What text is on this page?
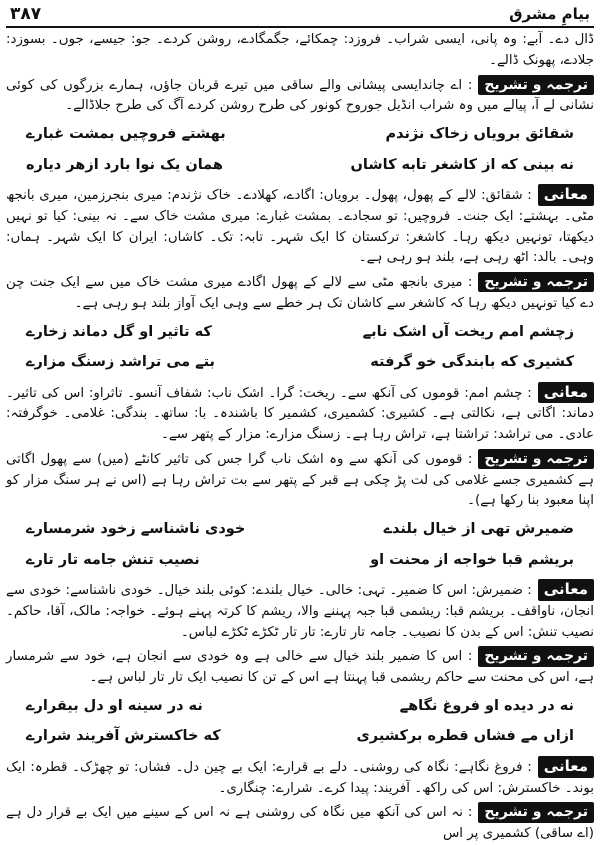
۳۸۷	بیامِ مشرق

ڈال دے۔ آبے: وہ پانی، ایسی شراب۔ فروزد: چمکائے، جگمگادے، روشن کردے۔ جو: جیسے، جوں۔ بسوزد: جلادے، پھونک ڈالے۔

ترجمہ و تشریح: اے چاندایسی پیشانی والے ساقی میں تیرے قربان جاؤں، ہمارے بزرگوں کی کوئی نشانی لے آ، پیالے میں وہ شراب انڈیل جوروح کونور کی طرح روشن کردے آگ کی طرح جلاڈالے۔

شقائق بروياں زخاک نژندم
بهشتے فروچيں بمشت غبارے
نه بينی که از کاشغر تابه کاشاں
همان يک نوا بارد ازهر دياره

معانی: شقائق: لالے کے پھول، پھول۔ برویاں: اگادے، کھلادے۔ خاک نژندم: میری بنجرزمین، میری بانجھ مٹی۔ بہشتے: ایک جنت۔ فروچیں: تو سجادے۔ بمشت غبارے: میری مشت خاک سے۔ نہ بینی: کیا تو نہیں دیکھتا، تونہیں دیکھ رہا۔ کاشغر: ترکستان کا ایک شہر۔ تابہ: تک۔ کاشاں: ایران کا ایک شہر۔ ہماں: وہی۔ بالد: اٹھ رہی ہے، بلند ہو رہی ہے۔

ترجمہ و تشریح: میری بانجھ مٹی سے لالے کے پھول اگادے میری مشت خاک میں سے ایک جنت چن دے کیا تونہیں دیکھ رہا کہ کاشغر سے کاشان تک ہر خطے سے وہی ایک آواز بلند ہو رہی ہے۔

زچشم امم ريخت آں اشک نابے
که تاثير او گل دماند زخارے
کشيری که بابندگی خو گرفته
بتے می تراشد زسنگ مزارے

معانی: چشم امم: قوموں کی آنکھ سے۔ ریخت: گرا۔ اشک ناب: شفاف آنسو۔ تاثراو: اس کی تاثیر۔ دماند: اگاتی ہے، نکالتی ہے۔ کشیری: کشمیری، کشمیر کا باشندہ۔ با: ساتھ۔ بندگی: غلامی۔ خوگرفتہ: عادی۔ می تراشد: تراشتا ہے، تراش رہا ہے۔ زسنگ مزارے: مزار کے پتھر سے۔

ترجمہ و تشریح: قوموں کی آنکھ سے وہ اشک ناب گرا جس کی تاثیر کانٹے (میں) سے پھول اگاتی ہے کشمیری جسے غلامی کی لت پڑ چکی ہے قبر کے پتھر سے بت تراش رہا ہے (اس نے ہر سنگ مزار کو اپنا معبود بنا رکھا ہے)۔

ضميرش تهی از خيال بلندے
خودی ناشناسے زخود شرمسارے
بريشم قبا خواجه از محنت او
نصيب تنش جامه تار تارے

معانی: ضمیرش: اس کا ضمیر۔ تہی: خالی۔ خیال بلندے: کوئی بلند خیال۔ خودی ناشناسے: خودی سے انجان، ناواقف۔ بریشم قبا: ریشمی قبا جبہ پہننے والا، ریشم کا کرتہ پہنے ہوئے۔ خواجہ: مالک، آقا، حاکم۔ نصیب تنش: اس کے بدن کا نصیب۔ جامہ تار تارے: تار تار ٹکڑے ٹکڑے لباس۔

ترجمہ و تشریح: اس کا ضمیر بلند خیال سے خالی ہے وہ خودی سے انجان ہے، خود سے شرمسار ہے، اس کی محنت سے حاکم ریشمی قبا پہنتا ہے اس کے تن کا نصیب ایک تار تار لباس ہے۔

نه در ديده او فروغ نگاهے
نه در سينه او دل بيقرارے
ازاں مے فشاں قطره برکشيری
که خاکسترش آفريند شرارے

معانی: فروغ نگاہے: نگاہ کی روشنی۔ دلے بے قرارے: ایک بے چین دل۔ فشاں: تو چھڑک۔ قطرہ: ایک بوند۔ خاکسترش: اس کی راکھ۔ آفریند: پیدا کرے۔ شرارے: چنگاری۔

ترجمہ و تشریح: نہ اس کی آنکھ میں نگاہ کی روشنی ہے نہ اس کے سینے میں ایک بے قرار دل ہے (اے ساقی) کشمیری پر اس
